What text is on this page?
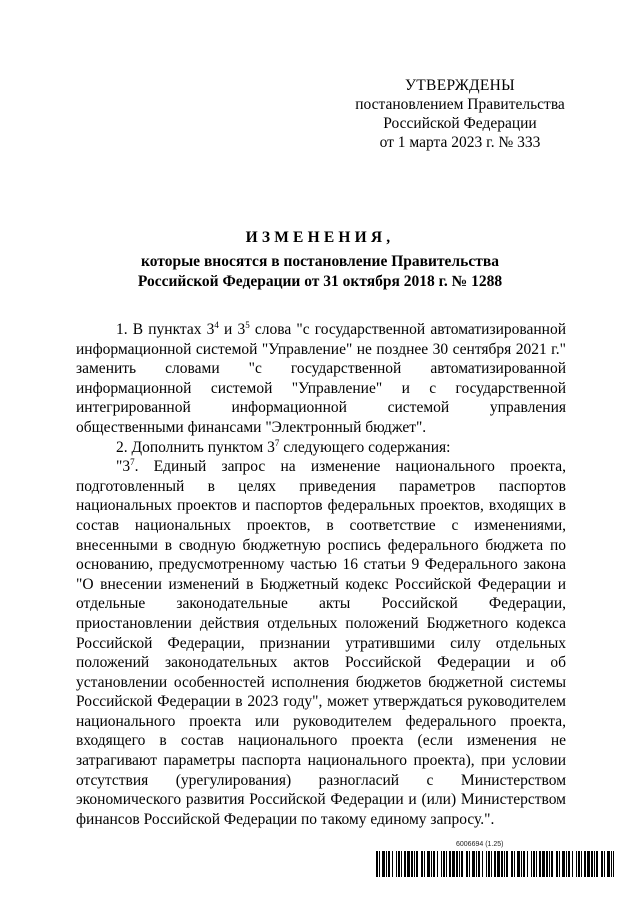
УТВЕРЖДЕНЫ
постановлением Правительства
Российской Федерации
от 1 марта 2023 г. № 333
ИЗМЕНЕНИЯ,
которые вносятся в постановление Правительства
Российской Федерации от 31 октября 2018 г. № 1288

1. В пунктах $3^4$ и $3^5$ слова "с государственной автоматизированной информационной системой "Управление" не позднее 30 сентября 2021 г." заменить словами "с государственной автоматизированной информационной системой "Управление" и с государственной интегрированной информационной системой управления общественными финансами "Электронный бюджет".

2. Дополнить пунктом $3^7$ следующего содержания:

"$3^7$. Единый запрос на изменение национального проекта, подготовленный в целях приведения параметров паспортов национальных проектов и паспортов федеральных проектов, входящих в состав национальных проектов, в соответствие с изменениями, внесенными в сводную бюджетную роспись федерального бюджета по основанию, предусмотренному частью 16 статьи 9 Федерального закона "О внесении изменений в Бюджетный кодекс Российской Федерации и отдельные законодательные акты Российской Федерации, приостановлении действия отдельных положений Бюджетного кодекса Российской Федерации, признании утратившими силу отдельных положений законодательных актов Российской Федерации и об установлении особенностей исполнения бюджетов бюджетной системы Российской Федерации в 2023 году", может утверждаться руководителем национального проекта или руководителем федерального проекта, входящего в состав национального проекта (если изменения не затрагивают параметры паспорта национального проекта), при условии отсутствия (урегулирования) разногласий с Министерством экономического развития Российской Федерации и (или) Министерством финансов Российской Федерации по такому единому запросу.".

6006694 (1.25)
